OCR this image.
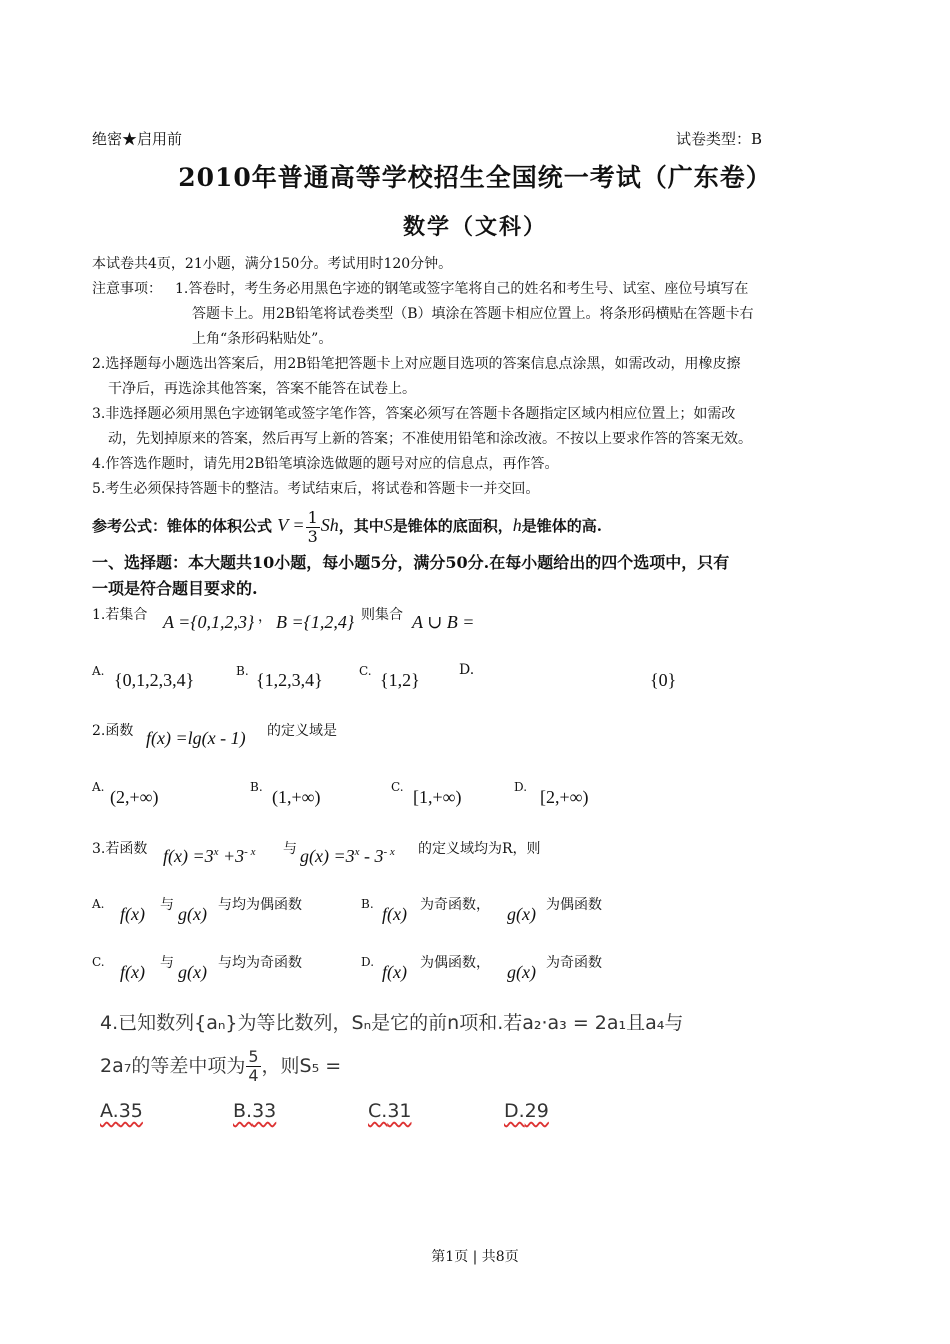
绝密★启用前	试卷类型：B
2010年普通高等学校招生全国统一考试（广东卷）
数学（文科）
本试卷共4页，21小题，满分150分。考试用时120分钟。
注意事项： 1.答卷时，考生务必用黑色字迹的钢笔或签字笔将自己的姓名和考生号、试室、座位号填写在
答题卡上。用2B铅笔将试卷类型（B）填涂在答题卡相应位置上。将条形码横贴在答题卡右
上角“条形码粘贴处”。
2.选择题每小题选出答案后，用2B铅笔把答题卡上对应题目选项的答案信息点涂黑，如需改动，用橡皮擦
干净后，再选涂其他答案，答案不能答在试卷上。
3.非选择题必须用黑色字迹钢笔或签字笔作答，答案必须写在答题卡各题指定区域内相应位置上；如需改
动，先划掉原来的答案，然后再写上新的答案；不准使用铅笔和涂改液。不按以上要求作答的答案无效。
4.作答选作题时，请先用2B铅笔填涂选做题的题号对应的信息点，再作答。
5.考生必须保持答题卡的整洁。考试结束后，将试卷和答题卡一并交回。
参考公式：锥体的体积公式 $V = \frac{1}{3}$ Sh，其中S是锥体的底面积，h是锥体的高.
一、选择题：本大题共10小题，每小题5分，满分50分.在每小题给出的四个选项中，只有
一项是符合题目要求的.
1.若集合 A ={0,1,2,3} ， B ={1,2,4} 则集合 A ∪ B =
A. {0,1,2,3,4}	B. {1,2,3,4}	C. {1,2}	D.	{0}
2.函数 f(x) =lg(x - 1) 的定义域是
A. (2,+∞)	B. (1,+∞)	C. [1,+∞)	D. [2,+∞)
3.若函数 $f(x) =3^x +3^{- x}$ 与 $g(x) =3^x - 3^{- x}$ 的定义域均为R，则
A. f(x) 与 g(x) 与均为偶函数	B. f(x) 为奇函数， g(x) 为偶函数
C. f(x) 与 g(x) 与均为奇函数	D. f(x) 为偶函数， g(x) 为奇函数
4.已知数列{aₙ}为等比数列，Sₙ是它的前n项和.若a₂·a₃ = 2a₁且a₄与
2a₇的等差中项为 $\frac{5}{4}$ ，则S₅ =
A.35	B.33	C.31	D.29
第1页 | 共8页
